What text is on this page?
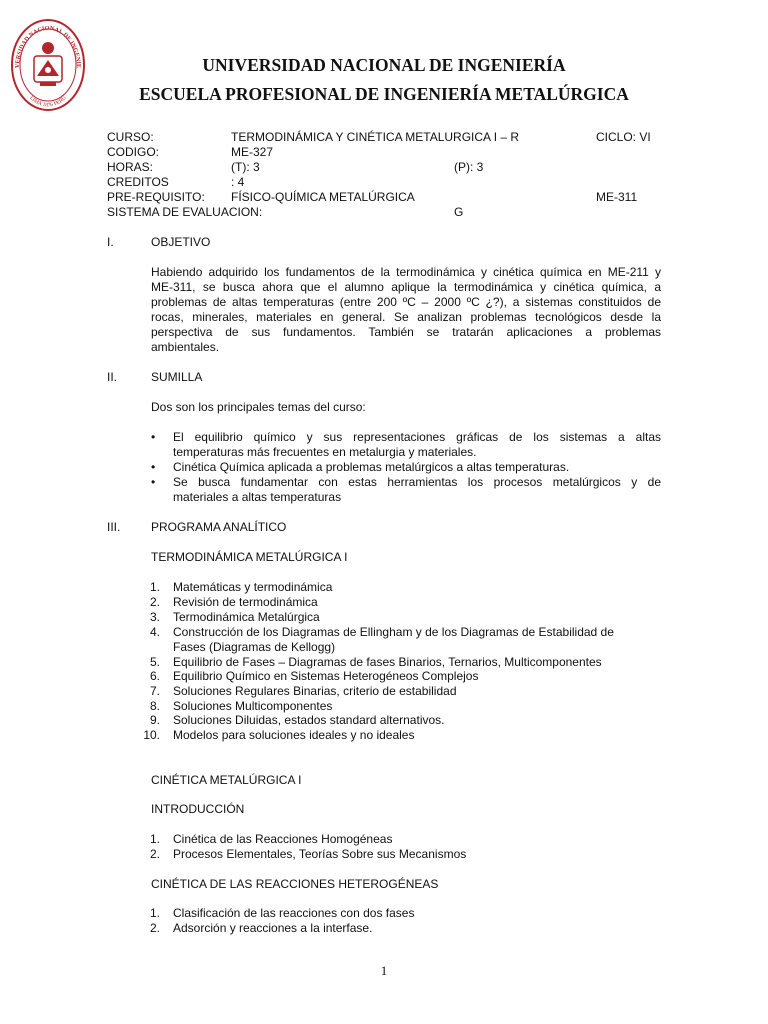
VERSIDAD NACIONAL DE INGENIE
LIMA 1876 PERÚ
UNIVERSIDAD NACIONAL DE INGENIERÍA
ESCUELA PROFESIONAL DE INGENIERÍA METALÚRGICA
CURSO:	TERMODINÁMICA Y CINÉTICA METALURGICA I – R	CICLO: VI
CODIGO:	ME-327
HORAS:	(T): 3	(P): 3
CREDITOS	: 4
PRE-REQUISITO: FÍSICO-QUÍMICA METALÚRGICA	ME-311
SISTEMA DE EVALUACION:	G
I.	OBJETIVO
Habiendo adquirido los fundamentos de la termodinámica y cinética química en ME-211 y
ME-311, se busca ahora que el alumno aplique la termodinámica y cinética química, a
problemas de altas temperaturas (entre 200 ºC – 2000 ºC ¿?), a sistemas constituidos de
rocas, minerales, materiales en general. Se analizan problemas tecnológicos desde la
perspectiva de sus fundamentos. También se tratarán aplicaciones a problemas
ambientales.
II.	SUMILLA
Dos son los principales temas del curso:
• El equilibrio químico y sus representaciones gráficas de los sistemas a altas
temperaturas más frecuentes en metalurgia y materiales.
• Cinética Química aplicada a problemas metalúrgicos a altas temperaturas.
• Se busca fundamentar con estas herramientas los procesos metalúrgicos y de
materiales a altas temperaturas
III.	PROGRAMA ANALÍTICO
TERMODINÁMICA METALÚRGICA I
1. Matemáticas y termodinámica
2. Revisión de termodinámica
3. Termodinámica Metalúrgica
4. Construcción de los Diagramas de Ellingham y de los Diagramas de Estabilidad de
Fases (Diagramas de Kellogg)
5. Equilibrio de Fases – Diagramas de fases Binarios, Ternarios, Multicomponentes
6. Equilibrio Químico en Sistemas Heterogéneos Complejos
7. Soluciones Regulares Binarias, criterio de estabilidad
8. Soluciones Multicomponentes
9. Soluciones Diluidas, estados standard alternativos.
10. Modelos para soluciones ideales y no ideales
CINÉTICA METALÚRGICA I
INTRODUCCIÓN
1. Cinética de las Reacciones Homogéneas
2. Procesos Elementales, Teorías Sobre sus Mecanismos
CINÉTICA DE LAS REACCIONES HETEROGÉNEAS
1. Clasificación de las reacciones con dos fases
2. Adsorción y reacciones a la interfase.
1
